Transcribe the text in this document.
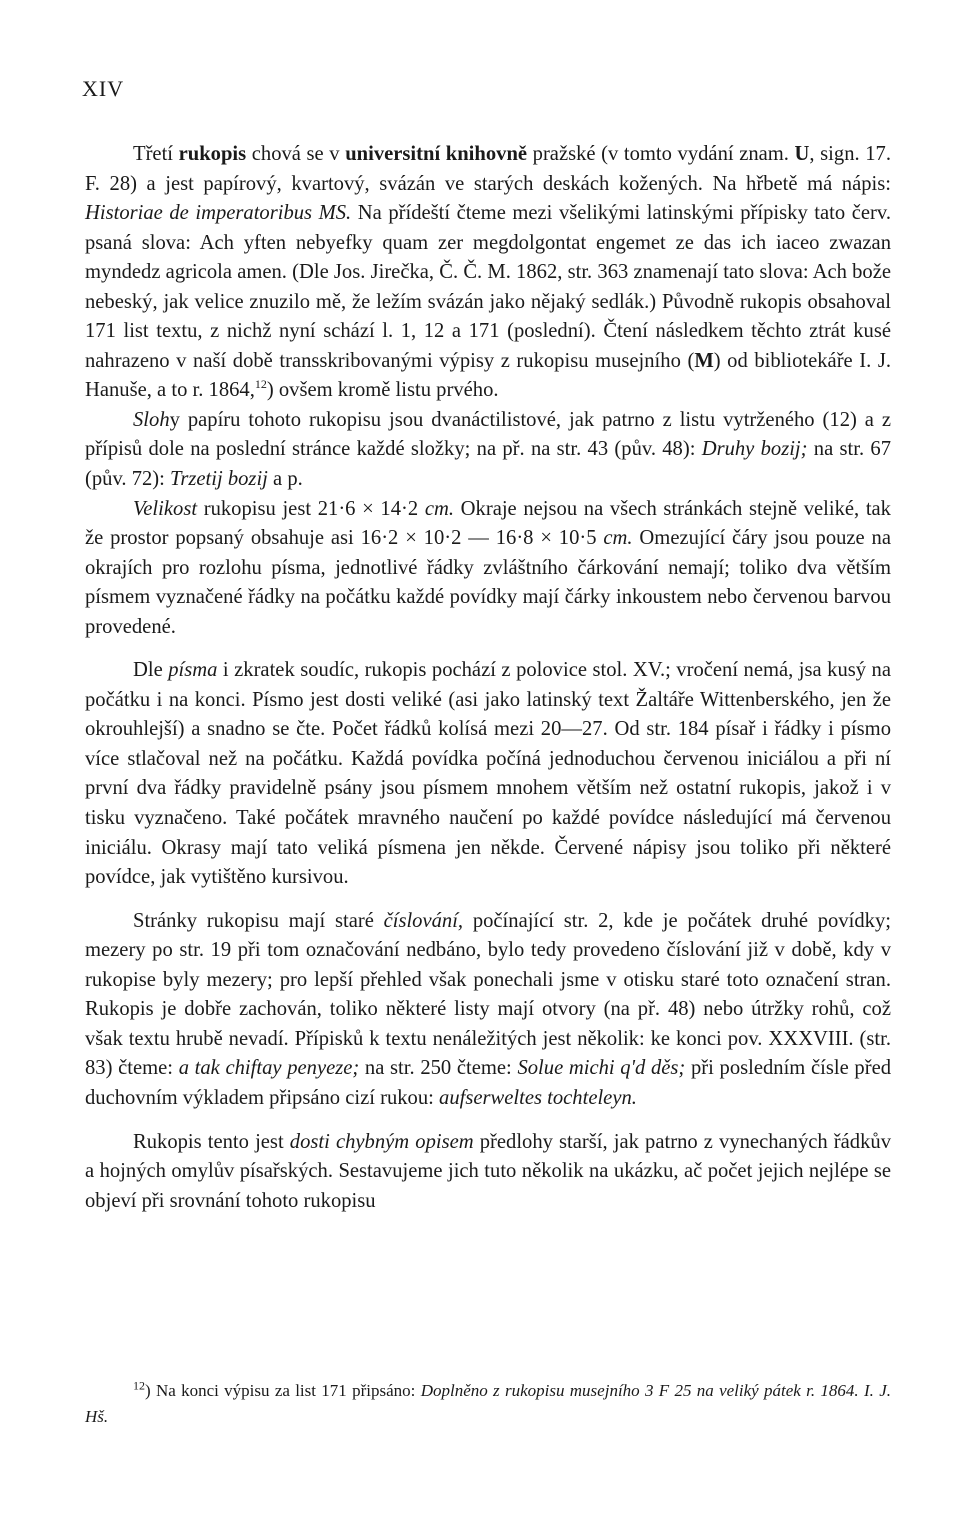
XIV

Třetí rukopis chová se v universitní knihovně pražské (v tomto vydání znam. U, sign. 17. F. 28) a jest papírový, kvartový, svázán ve starých deskách kožených. Na hřbetě má nápis: Historiae de imperatoribus MS. Na přídeští čteme mezi všelikými latinskými přípisky tato červ. psaná slova: Ach yften nebyefky quam zer megdolgontat engemet ze das ich iaceo zwazan myndedz agricola amen. (Dle Jos. Jirečka, Č. Č. M. 1862, str. 363 znamenají tato slova: Ach bože nebeský, jak velice znuzilo mě, že ležím svázán jako nějaký sedlák.) Původně rukopis obsahoval 171 list textu, z nichž nyní schází l. 1, 12 a 171 (poslední). Čtení následkem těchto ztrát kusé nahrazeno v naší době transskribovanými výpisy z rukopisu musejního (M) od bibliotekáře I. J. Hanuše, a to r. 1864,12) ovšem kromě listu prvého.

Slohy papíru tohoto rukopisu jsou dvanáctilistové, jak patrno z listu vytrženého (12) a z přípisů dole na poslední stránce každé složky; na př. na str. 43 (pův. 48): Druhy bozij; na str. 67 (pův. 72): Trzetij bozij a p.

Velikost rukopisu jest 21·6 × 14·2 cm. Okraje nejsou na všech stránkách stejně veliké, tak že prostor popsaný obsahuje asi 16·2 × 10·2 — 16·8 × 10·5 cm. Omezující čáry jsou pouze na okrajích pro rozlohu písma, jednotlivé řádky zvláštního čárkování nemají; toliko dva větším písmem vyznačené řádky na počátku každé povídky mají čárky inkoustem nebo červenou barvou provedené.

Dle písma i zkratek soudíc, rukopis pochází z polovice stol. XV.; vročení nemá, jsa kusý na počátku i na konci. Písmo jest dosti veliké (asi jako latinský text Žaltáře Wittenberského, jen že okrouhlejší) a snadno se čte. Počet řádků kolísá mezi 20—27. Od str. 184 písař i řádky i písmo více stlačoval než na počátku. Každá povídka počíná jednoduchou červenou iniciálou a při ní první dva řádky pravidelně psány jsou písmem mnohem větším než ostatní rukopis, jakož i v tisku vyznačeno. Také počátek mravného naučení po každé povídce následující má červenou iniciálu. Okrasy mají tato veliká písmena jen někde. Červené nápisy jsou toliko při některé povídce, jak vytištěno kursivou.

Stránky rukopisu mají staré číslování, počínající str. 2, kde je počátek druhé povídky; mezery po str. 19 při tom označování nedbáno, bylo tedy provedeno číslování již v době, kdy v rukopise byly mezery; pro lepší přehled však ponechali jsme v otisku staré toto označení stran. Rukopis je dobře zachován, toliko některé listy mají otvory (na př. 48) nebo útržky rohů, což však textu hrubě nevadí. Přípisků k textu nenáležitých jest několik: ke konci pov. XXXVIII. (str. 83) čteme: a tak chiftay penyeze; na str. 250 čteme: Solue michi q'd děs; při posledním čísle před duchovním výkladem připsáno cizí rukou: aufserweltes tochteleyn.

Rukopis tento jest dosti chybným opisem předlohy starší, jak patrno z vynechaných řádkův a hojných omylův písařských. Sestavujeme jich tuto několik na ukázku, ač počet jejich nejlépe se objeví při srovnání tohoto rukopisu

$^{12}$) Na konci výpisu za list 171 připsáno: Doplněno z rukopisu musejního 3 F 25 na veliký pátek r. 1864. I. J. Hš.
